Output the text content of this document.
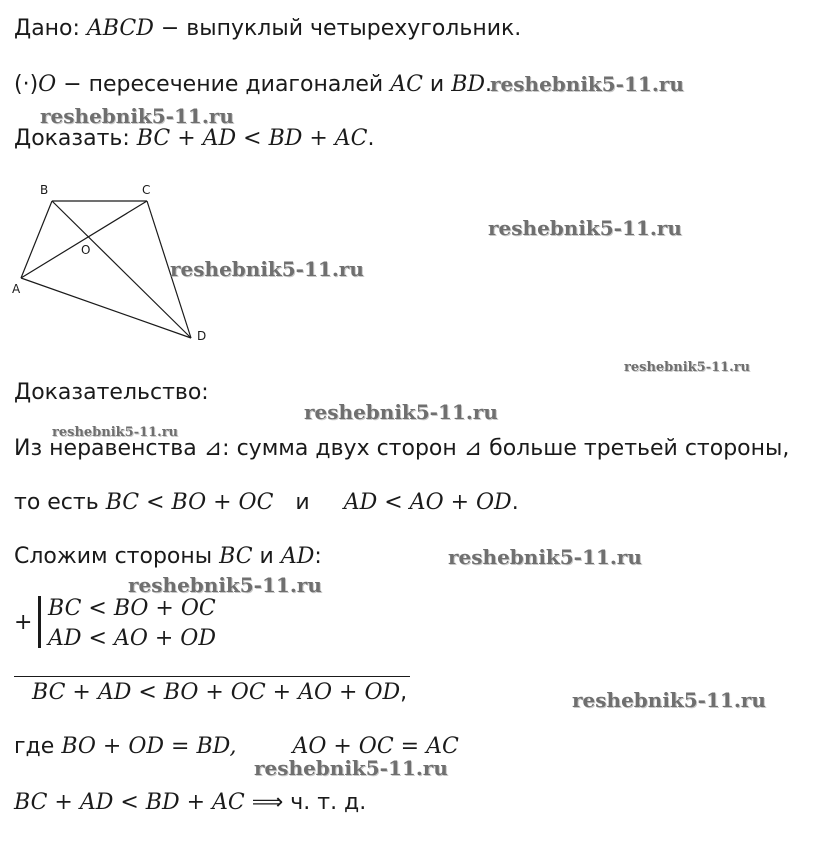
Дано: ABCD − выпуклый четырехугольник.
(·)O − пересечение диагоналей AC и BD.
Доказать: BC + AD < BD + AC.
B	C
A
D
O
Доказательство:
Из неравенства ⊿: сумма двух сторон ⊿ больше третьей стороны,
то есть BC < BO + OC и AD < AO + OD.
Сложим стороны BC и AD:
+
BC < BO + OC
AD < AO + OD
BC + AD < BO + OC + AO + OD,
где BO + OD = BD,	AO + OC = AC
BC + AD < BD + AC ⟹ ч. т. д.
reshebnik5-11.ru
reshebnik5-11.ru
reshebnik5-11.ru
reshebnik5-11.ru
reshebnik5-11.ru
reshebnik5-11.ru
reshebnik5-11.ru
reshebnik5-11.ru
reshebnik5-11.ru
reshebnik5-11.ru
reshebnik5-11.ru
